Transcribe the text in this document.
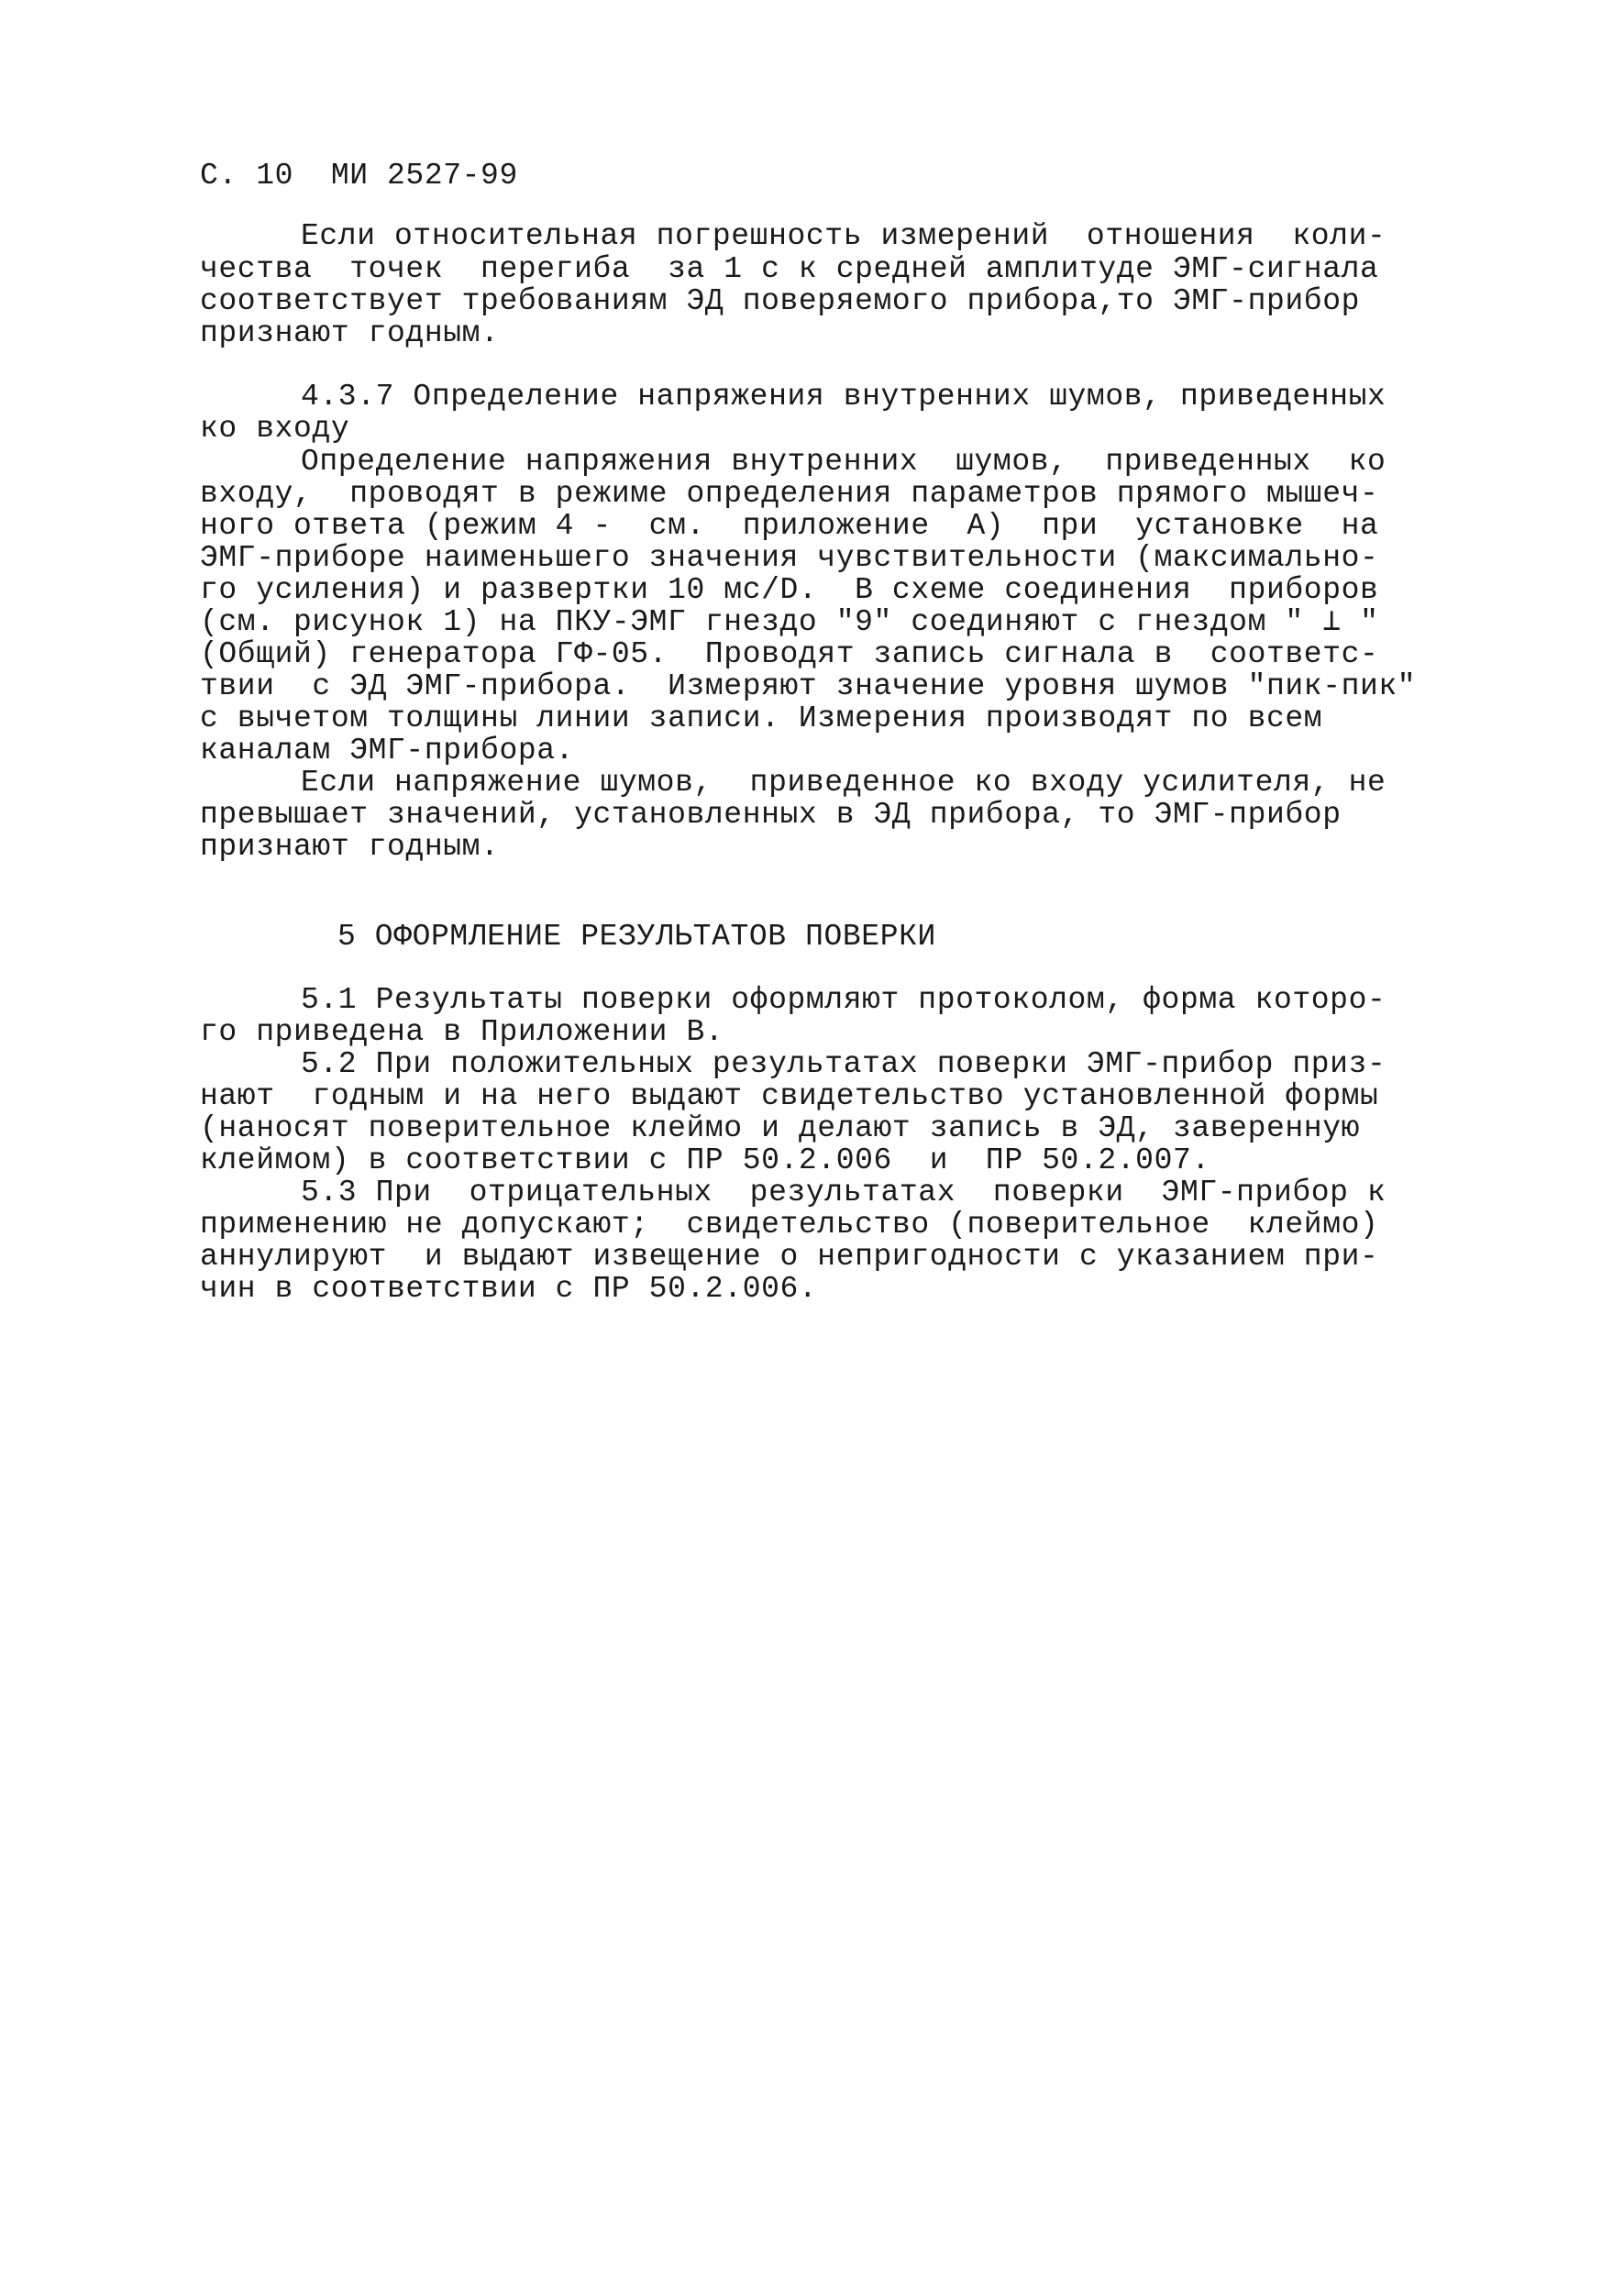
С. 10  МИ 2527-99
Если относительная погрешность измерений  отношения  коли-
чества  точек  перегиба  за 1 с к средней амплитуде ЭМГ-сигнала
соответствует требованиям ЭД поверяемого прибора,то ЭМГ-прибор
признают годным.
4.3.7 Определение напряжения внутренних шумов, приведенных
ко входу
Определение напряжения внутренних  шумов,  приведенных  ко
входу,  проводят в режиме определения параметров прямого мышеч-
ного ответа (режим 4 -  см.  приложение  А)  при  установке  на
ЭМГ-приборе наименьшего значения чувствительности (максимально-
го усиления) и развертки 10 мс/D.  В схеме соединения  приборов
(см. рисунок 1) на ПКУ-ЭМГ гнездо "9" соединяют с гнездом " ⊥ "
(Общий) генератора ГФ-05.  Проводят запись сигнала в  соответс-
твии  с ЭД ЭМГ-прибора.  Измеряют значение уровня шумов "пик-пик"
с вычетом толщины линии записи. Измерения производят по всем
каналам ЭМГ-прибора.
Если напряжение шумов,  приведенное ко входу усилителя, не
превышает значений, установленных в ЭД прибора, то ЭМГ-прибор
признают годным.
5 ОФОРМЛЕНИЕ РЕЗУЛЬТАТОВ ПОВЕРКИ
5.1 Результаты поверки оформляют протоколом, форма которо-
го приведена в Приложении В.
5.2 При положительных результатах поверки ЭМГ-прибор приз-
нают  годным и на него выдают свидетельство установленной формы
(наносят поверительное клеймо и делают запись в ЭД, заверенную
клеймом) в соответствии с ПР 50.2.006  и  ПР 50.2.007.
5.3 При  отрицательных  результатах  поверки  ЭМГ-прибор к
применению не допускают;  свидетельство (поверительное  клеймо)
аннулируют  и выдают извещение о непригодности с указанием при-
чин в соответствии с ПР 50.2.006.
